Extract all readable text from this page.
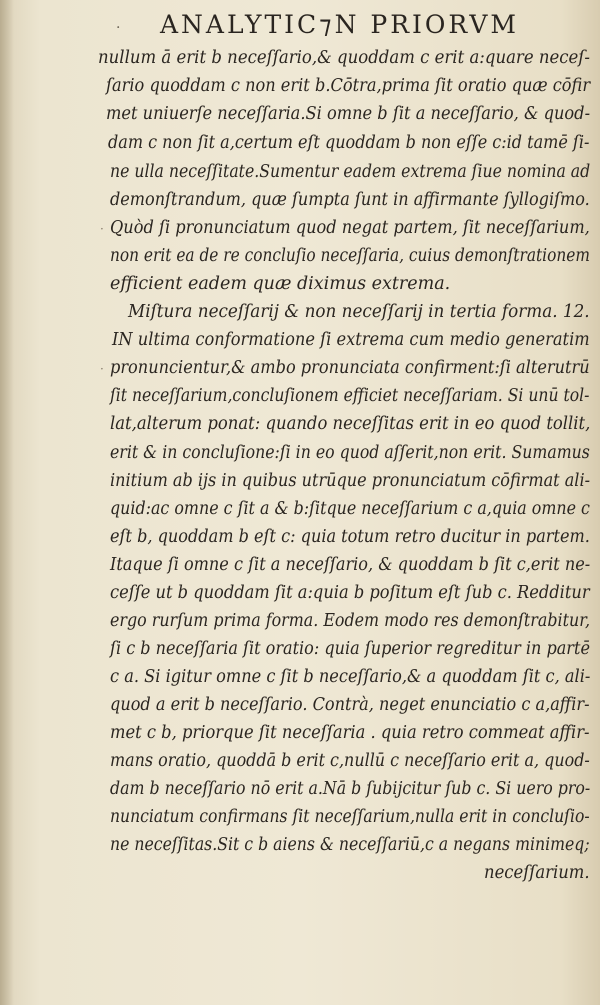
· ANALYTIC⁊N PRIORVM
nullum ā erit b neceſſario,& quoddam c erit a:quare neceſ-
ſario quoddam c non erit b.Cōtra,prima ſit oratio quæ cōfir
met uniuerſe neceſſaria.Si omne b ſit a neceſſario, & quod-
dam c non ſit a,certum eſt quoddam b non eſſe c:id tamē ſi-
ne ulla neceſſitate.Sumentur eadem extrema ſiue nomina ad
demonſtrandum, quæ ſumpta ſunt in affirmante ſyllogiſmo.
· Quòd ſi pronunciatum quod negat partem, ſit neceſſarium,
non erit ea de re concluſio neceſſaria, cuius demonſtrationem
efficient eadem quæ diximus extrema.
Miſtura neceſſarij & non neceſſarij in tertia forma. 12.
IN ultima conformatione ſi extrema cum medio generatim
· pronuncientur,& ambo pronunciata confirment:ſi alterutrū
ſit neceſſarium,concluſionem efficiet neceſſariam. Si unū tol-
lat,alterum ponat: quando neceſſitas erit in eo quod tollit,
erit & in concluſione:ſi in eo quod aſſerit,non erit. Sumamus
initium ab ijs in quibus utrūque pronunciatum cōfirmat ali-
quid:ac omne c ſit a & b:ſitque neceſſarium c a,quia omne c
eſt b, quoddam b eſt c: quia totum retro ducitur in partem.
Itaque ſi omne c ſit a neceſſario, & quoddam b ſit c,erit ne-
ceſſe ut b quoddam ſit a:quia b poſitum eſt ſub c. Redditur
ergo rurſum prima forma. Eodem modo res demonſtrabitur,
ſi c b neceſſaria ſit oratio: quia ſuperior regreditur in partē
c a. Si igitur omne c ſit b neceſſario,& a quoddam ſit c, ali-
quod a erit b neceſſario. Contrà, neget enunciatio c a,affir-
met c b, priorque ſit neceſſaria . quia retro commeat affir-
mans oratio, quoddā b erit c,nullū c neceſſario erit a, quod-
dam b neceſſario nō erit a.Nā b ſubijcitur ſub c. Si uero pro-
nunciatum confirmans ſit neceſſarium,nulla erit in concluſio-
ne neceſſitas.Sit c b aiens & neceſſariū,c a negans minimeq;
neceſſarium.
